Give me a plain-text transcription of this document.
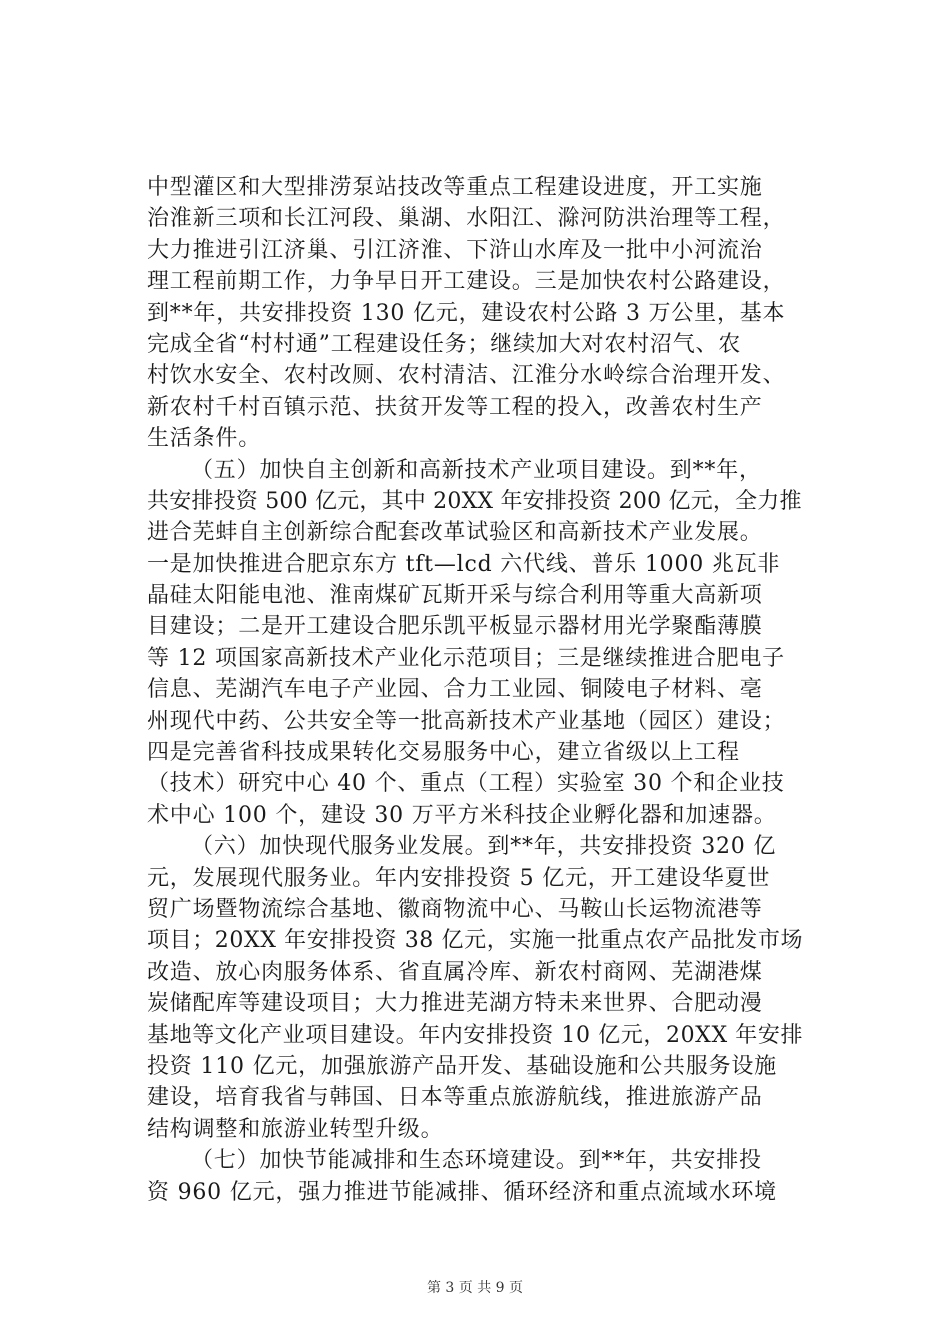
中型灌区和大型排涝泵站技改等重点工程建设进度，开工实施
治淮新三项和长江河段、巢湖、水阳江、滁河防洪治理等工程，
大力推进引江济巢、引江济淮、下浒山水库及一批中小河流治
理工程前期工作，力争早日开工建设。三是加快农村公路建设，
到**年，共安排投资 130 亿元，建设农村公路 3 万公里，基本
完成全省“村村通”工程建设任务；继续加大对农村沼气、农
村饮水安全、农村改厕、农村清洁、江淮分水岭综合治理开发、
新农村千村百镇示范、扶贫开发等工程的投入，改善农村生产
生活条件。
（五）加快自主创新和高新技术产业项目建设。到**年，
共安排投资 500 亿元，其中 20XX 年安排投资 200 亿元，全力推
进合芜蚌自主创新综合配套改革试验区和高新技术产业发展。
一是加快推进合肥京东方 tft—lcd 六代线、普乐 1000 兆瓦非
晶硅太阳能电池、淮南煤矿瓦斯开采与综合利用等重大高新项
目建设；二是开工建设合肥乐凯平板显示器材用光学聚酯薄膜
等 12 项国家高新技术产业化示范项目；三是继续推进合肥电子
信息、芜湖汽车电子产业园、合力工业园、铜陵电子材料、亳
州现代中药、公共安全等一批高新技术产业基地（园区）建设；
四是完善省科技成果转化交易服务中心，建立省级以上工程
（技术）研究中心 40 个、重点（工程）实验室 30 个和企业技
术中心 100 个，建设 30 万平方米科技企业孵化器和加速器。
（六）加快现代服务业发展。到**年，共安排投资 320 亿
元，发展现代服务业。年内安排投资 5 亿元，开工建设华夏世
贸广场暨物流综合基地、徽商物流中心、马鞍山长运物流港等
项目；20XX 年安排投资 38 亿元，实施一批重点农产品批发市场
改造、放心肉服务体系、省直属冷库、新农村商网、芜湖港煤
炭储配库等建设项目；大力推进芜湖方特未来世界、合肥动漫
基地等文化产业项目建设。年内安排投资 10 亿元，20XX 年安排
投资 110 亿元，加强旅游产品开发、基础设施和公共服务设施
建设，培育我省与韩国、日本等重点旅游航线，推进旅游产品
结构调整和旅游业转型升级。
（七）加快节能减排和生态环境建设。到**年，共安排投
资 960 亿元，强力推进节能减排、循环经济和重点流域水环境
第 3 页 共 9 页
